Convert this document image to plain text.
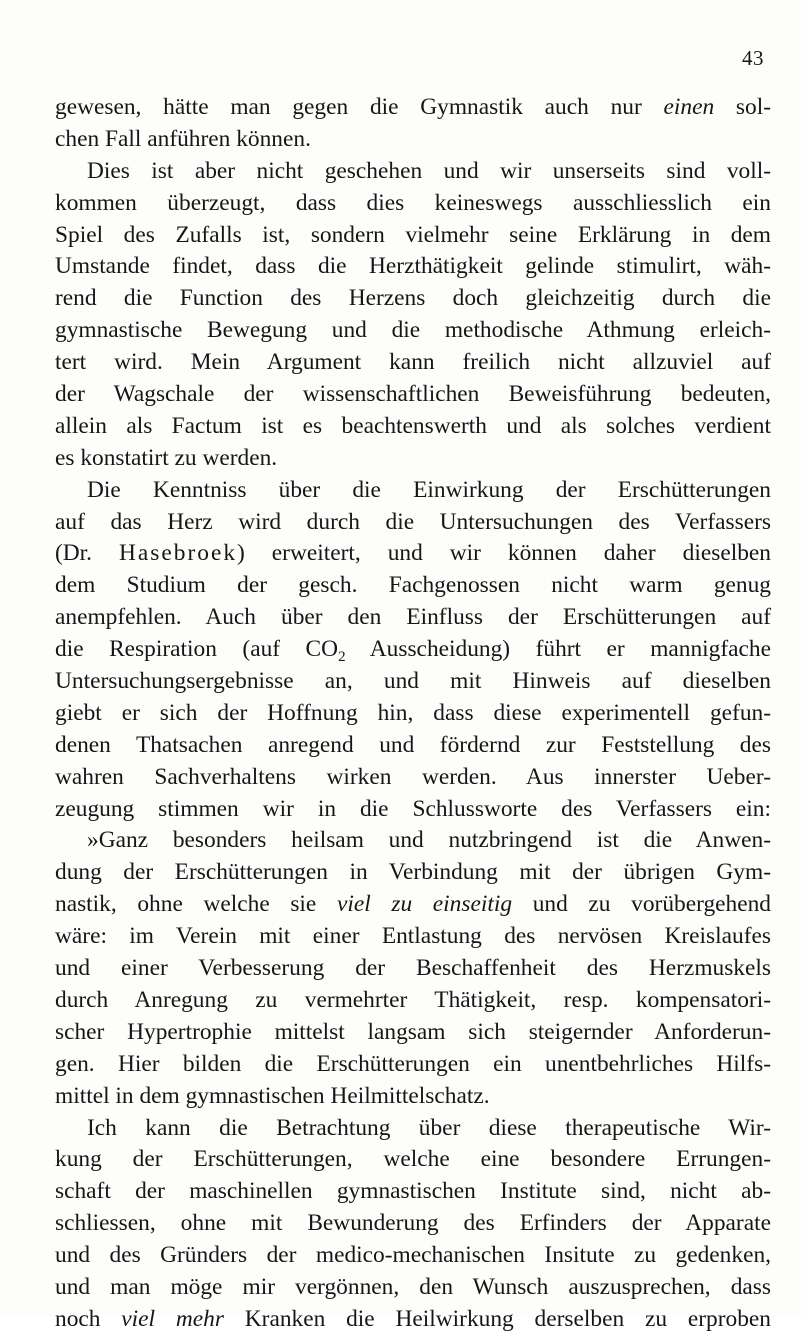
43
gewesen, hätte man gegen die Gymnastik auch nur einen sol-
chen Fall anführen können.
Dies ist aber nicht geschehen und wir unserseits sind voll-
kommen überzeugt, dass dies keineswegs ausschliesslich ein
Spiel des Zufalls ist, sondern vielmehr seine Erklärung in dem
Umstande findet, dass die Herzthätigkeit gelinde stimulirt, wäh-
rend die Function des Herzens doch gleichzeitig durch die
gymnastische Bewegung und die methodische Athmung erleich-
tert wird. Mein Argument kann freilich nicht allzuviel auf
der Wagschale der wissenschaftlichen Beweisführung bedeuten,
allein als Factum ist es beachtenswerth und als solches verdient
es konstatirt zu werden.
Die Kenntniss über die Einwirkung der Erschütterungen
auf das Herz wird durch die Untersuchungen des Verfassers
(Dr. Hasebroek) erweitert, und wir können daher dieselben
dem Studium der gesch. Fachgenossen nicht warm genug
anempfehlen. Auch über den Einfluss der Erschütterungen auf
die Respiration (auf $CO_2$ Ausscheidung) führt er mannigfache
Untersuchungsergebnisse an, und mit Hinweis auf dieselben
giebt er sich der Hoffnung hin, dass diese experimentell gefun-
denen Thatsachen anregend und fördernd zur Feststellung des
wahren Sachverhaltens wirken werden. Aus innerster Ueber-
zeugung stimmen wir in die Schlussworte des Verfassers ein:
»Ganz besonders heilsam und nutzbringend ist die Anwen-
dung der Erschütterungen in Verbindung mit der übrigen Gym-
nastik, ohne welche sie viel zu einseitig und zu vorübergehend
wäre: im Verein mit einer Entlastung des nervösen Kreislaufes
und einer Verbesserung der Beschaffenheit des Herzmuskels
durch Anregung zu vermehrter Thätigkeit, resp. kompensatori-
scher Hypertrophie mittelst langsam sich steigernder Anforderun-
gen. Hier bilden die Erschütterungen ein unentbehrliches Hilfs-
mittel in dem gymnastischen Heilmittelschatz.
Ich kann die Betrachtung über diese therapeutische Wir-
kung der Erschütterungen, welche eine besondere Errungen-
schaft der maschinellen gymnastischen Institute sind, nicht ab-
schliessen, ohne mit Bewunderung des Erfinders der Apparate
und des Gründers der medico-mechanischen Insitute zu gedenken,
und man möge mir vergönnen, den Wunsch auszusprechen, dass
noch viel mehr Kranken die Heilwirkung derselben zu erproben
